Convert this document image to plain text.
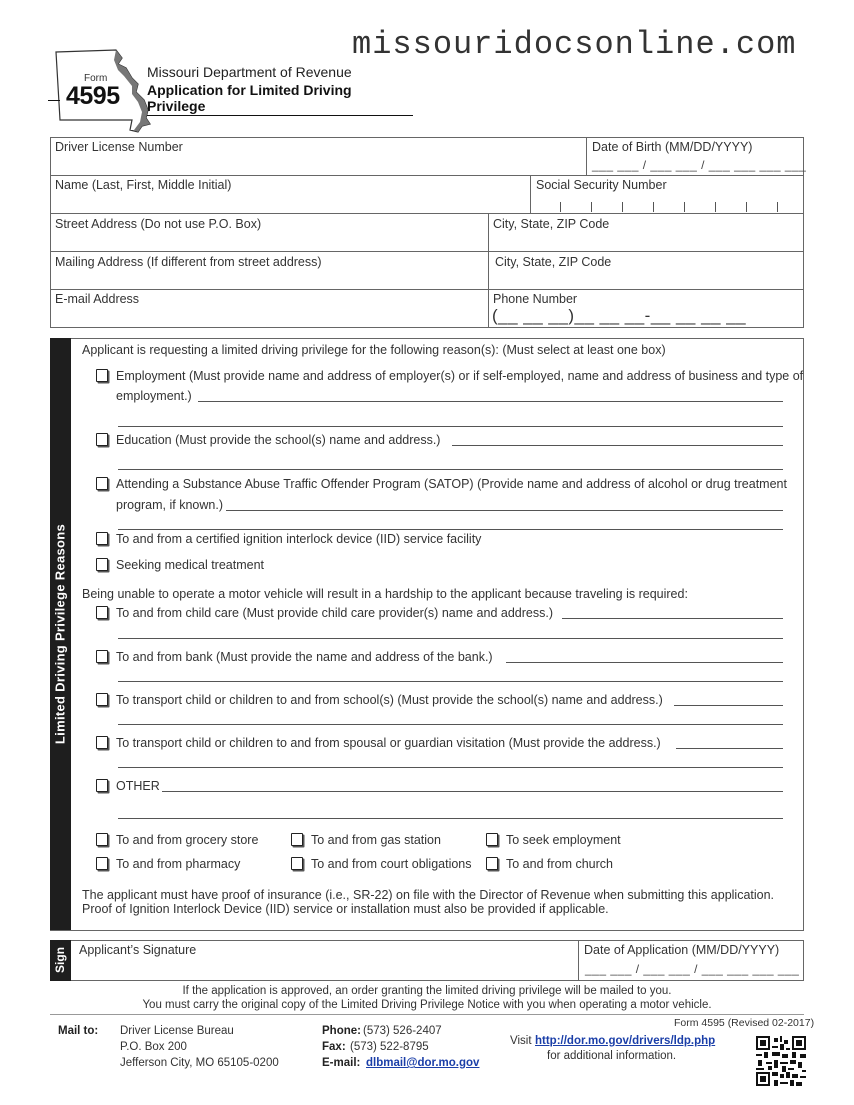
missouridocsonline.com
Form
4595
Missouri Department of Revenue
Application for Limited Driving Privilege
Driver License Number	Date of Birth (MM/DD/YYYY)
___ ___ / ___ ___ / ___ ___ ___ ___
Name (Last, First, Middle Initial)	Social Security Number
Street Address (Do not use P.O. Box)	City, State, ZIP Code
Mailing Address (If different from street address)	City, State, ZIP Code
E-mail Address	Phone Number
(__ __ __)__ __ __-__ __ __ __
Limited Driving Privilege Reasons
Applicant is requesting a limited driving privilege for the following reason(s): (Must select at least one box)
Employment (Must provide name and address of employer(s) or if self-employed, name and address of business and type of
employment.)
Education (Must provide the school(s) name and address.)
Attending a Substance Abuse Traffic Offender Program (SATOP) (Provide name and address of alcohol or drug treatment
program, if known.)
To and from a certified ignition interlock device (IID) service facility
Seeking medical treatment
Being unable to operate a motor vehicle will result in a hardship to the applicant because traveling is required:
To and from child care (Must provide child care provider(s) name and address.)
To and from bank (Must provide the name and address of the bank.)
To transport child or children to and from school(s) (Must provide the school(s) name and address.)
To transport child or children to and from spousal or guardian visitation (Must provide the address.)
OTHER
To and from grocery store	To and from gas station	To seek employment
To and from pharmacy	To and from court obligations	To and from church
The applicant must have proof of insurance (i.e., SR-22) on file with the Director of Revenue when submitting this application.
Proof of Ignition Interlock Device (IID) service or installation must also be provided if applicable.
Sign Applicant’s Signature	Date of Application (MM/DD/YYYY)
___ ___ / ___ ___ / ___ ___ ___ ___
If the application is approved, an order granting the limited driving privilege will be mailed to you.
You must carry the original copy of the Limited Driving Privilege Notice with you when operating a motor vehicle.
Form 4595 (Revised 02-2017)
Mail to: Driver License Bureau
P.O. Box 200
Jefferson City, MO 65105-0200
Phone: (573) 526-2407
Fax: (573) 522-8795
E-mail: dlbmail@dor.mo.gov
Visit http://dor.mo.gov/drivers/ldp.php
for additional information.
